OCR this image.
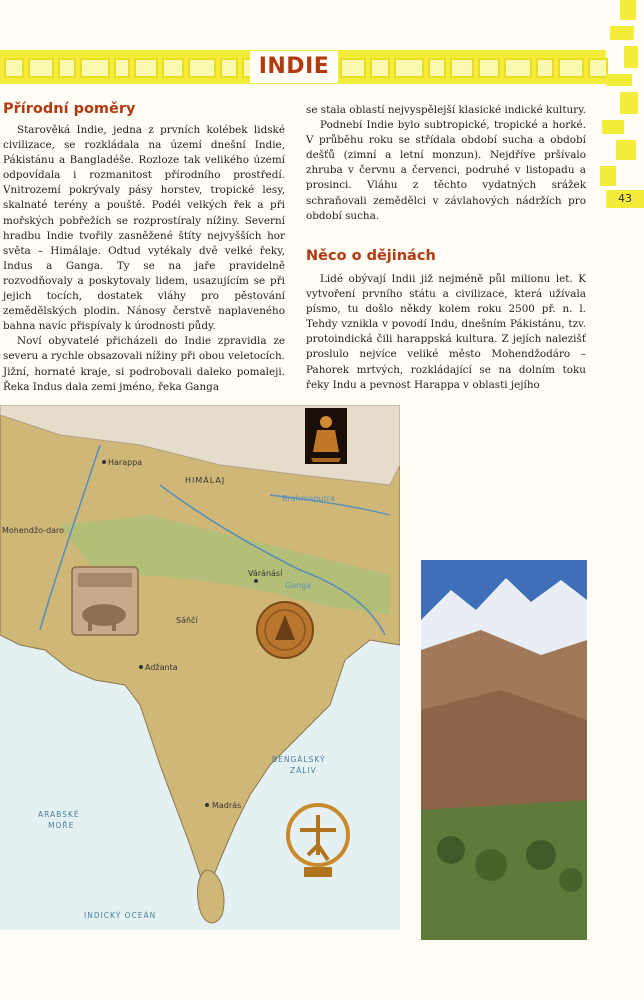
INDIE
43
Přírodní poměry

Starověká Indie, jedna z prvních kolébek lidské civilizace, se rozkládala na území dnešní Indie, Pákistánu a Bangladéše. Rozloze tak velikého území odpovídala i rozmanitost přírodního prostředí. Vnitrozemí pokrývaly pásy horstev, tropické lesy, skalnaté terény a pouště. Podél velkých řek a při mořských pobřežích se rozprostíraly nížiny. Severní hradbu Indie tvořily zasněžené štíty nejvyšších hor světa – Himálaje. Odtud vytékaly dvě velké řeky, Indus a Ganga. Ty se na jaře pravidelně rozvodňovaly a poskytovaly lidem, usazujícím se při jejich tocích, dostatek vláhy pro pěstování zemědělských plodin. Nánosy čerstvě naplaveného bahna navíc přispívaly k úrodnosti půdy.

Noví obyvatelé přicházeli do Indie zpravidla ze severu a rychle obsazovali nížiny při obou veletocích. Jižní, hornaté kraje, si podrobovali daleko pomaleji. Řeka Indus dala zemi jméno, řeka Ganga

se stala oblastí nejvyspělejší klasické indické kultury.

Podnebí Indie bylo subtropické, tropické a horké. V průběhu roku se střídala období sucha a období dešťů (zimní a letní monzun). Nejdříve pršívalo zhruba v červnu a červenci, podruhé v listopadu a prosinci. Vláhu z těchto vydatných srážek schraňovali zemědělci v závlahových nádržích pro období sucha.

Něco o dějinách

Lidé obývají Indii již nejméně půl milionu let. K vytvoření prvního státu a civilizace, která užívala písmo, tu došlo někdy kolem roku 2500 př. n. l. Tehdy vznikla v povodí Indu, dnešním Pákistánu, tzv. protoindická čili harappská kultura. Z jejích nalezišť proslulo nejvíce veliké město Mohendžodáro – Pahorek mrtvých, rozkládající se na dolním toku řeky Indu a pevnost Harappa v oblasti jejího

Harappa
HIMÁLAJ
Brahmaputra
Mohendžo-daro
Váránásí
Ganga
Sáňčí
Adžanta
BENGÁLSKÝ
ZÁLIV
ARABSKÉ
MOŘE
Madrás
INDICKÝ OCEÁN
